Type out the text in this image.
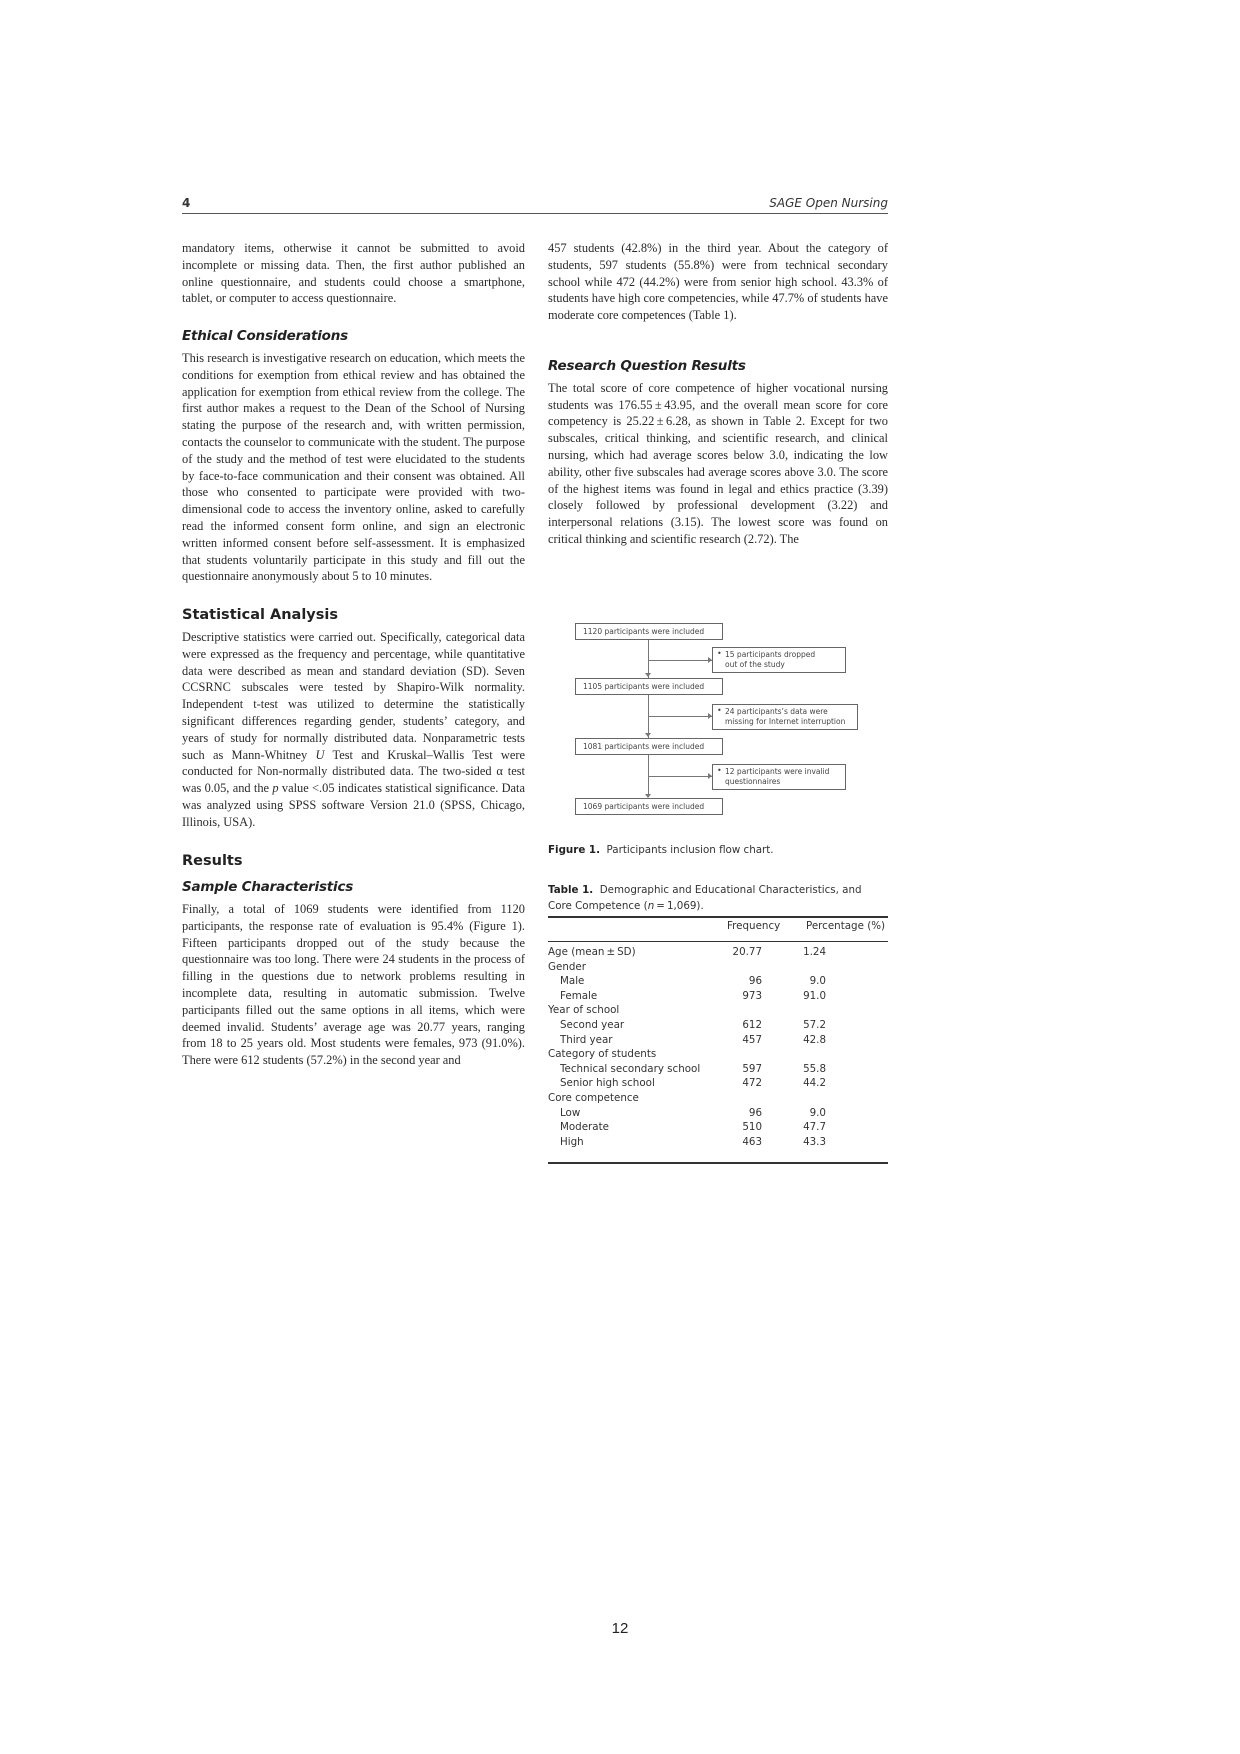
4	SAGE Open Nursing

mandatory items, otherwise it cannot be submitted to avoid incomplete or missing data. Then, the first author published an online questionnaire, and students could choose a smartphone, tablet, or computer to access questionnaire.

Ethical Considerations

This research is investigative research on education, which meets the conditions for exemption from ethical review and has obtained the application for exemption from ethical review from the college. The first author makes a request to the Dean of the School of Nursing stating the purpose of the research and, with written permission, contacts the counselor to communicate with the student. The purpose of the study and the method of test were elucidated to the students by face-to-face communication and their consent was obtained. All those who consented to participate were provided with two-dimensional code to access the inventory online, asked to carefully read the informed consent form online, and sign an electronic written informed consent before self-assessment. It is emphasized that students voluntarily participate in this study and fill out the questionnaire anonymously about 5 to 10 minutes.

Statistical Analysis

Descriptive statistics were carried out. Specifically, categorical data were expressed as the frequency and percentage, while quantitative data were described as mean and standard deviation (SD). Seven CCSRNC subscales were tested by Shapiro-Wilk normality. Independent t-test was utilized to determine the statistically significant differences regarding gender, students’ category, and years of study for normally distributed data. Nonparametric tests such as Mann-Whitney U Test and Kruskal–Wallis Test were conducted for Non-normally distributed data. The two-sided α test was 0.05, and the p value <.05 indicates statistical significance. Data was analyzed using SPSS software Version 21.0 (SPSS, Chicago, Illinois, USA).

Results
Sample Characteristics

Finally, a total of 1069 students were identified from 1120 participants, the response rate of evaluation is 95.4% (Figure 1). Fifteen participants dropped out of the study because the questionnaire was too long. There were 24 students in the process of filling in the questions due to network problems resulting in incomplete data, resulting in automatic submission. Twelve participants filled out the same options in all items, which were deemed invalid. Students’ average age was 20.77 years, ranging from 18 to 25 years old. Most students were females, 973 (91.0%). There were 612 students (57.2%) in the second year and

457 students (42.8%) in the third year. About the category of students, 597 students (55.8%) were from technical secondary school while 472 (44.2%) were from senior high school. 43.3% of students have high core competencies, while 47.7% of students have moderate core competences (Table 1).

Research Question Results

The total score of core competence of higher vocational nursing students was 176.55 ± 43.95, and the overall mean score for core competency is 25.22 ± 6.28, as shown in Table 2. Except for two subscales, critical thinking, and scientific research, and clinical nursing, which had average scores below 3.0, indicating the low ability, other five subscales had average scores above 3.0. The score of the highest items was found in legal and ethics practice (3.39) closely followed by professional development (3.22) and interpersonal relations (3.15). The lowest score was found on critical thinking and scientific research (2.72). The

1120 participants were included
• 15 participants dropped
out of the study
1105 participants were included
• 24 participants’s data were
missing for Internet interruption
1081 participants were included
• 12 participants were invalid
questionnaires
1069 participants were included
Figure 1. Participants inclusion flow chart.
Table 1. Demographic and Educational Characteristics, and Core Competence (n = 1,069).
Frequency	Percentage (%)
Age (mean ± SD)	20.77	1.24
Gender
Male	96	9.0
Female	973	91.0
Year of school
Second year	612	57.2
Third year	457	42.8
Category of students
Technical secondary school	597	55.8
Senior high school	472	44.2
Core competence
Low	96	9.0
Moderate	510	47.7
High	463	43.3
12
